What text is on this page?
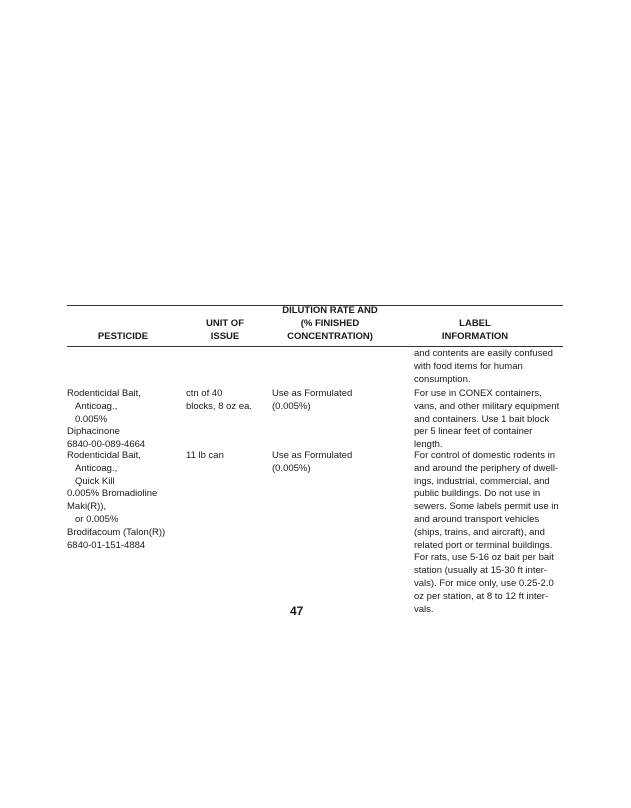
PESTICIDE
UNIT OF
ISSUE
DILUTION RATE AND
(% FINISHED
CONCENTRATION)
LABEL
INFORMATION
and contents are easily confused
with food items for human
consumption.
Rodenticidal Bait,
Anticoag.,
0.005%
Diphacinone
6840-00-089-4664
ctn of 40
blocks, 8 oz ea.
Use as Formulated
(0.005%)
For use in CONEX containers,
vans, and other military equipment
and containers. Use 1 bait block
per 5 linear feet of container
length.
Rodenticidal Bait,
Anticoag.,
Quick Kill
0.005% Bromadioline
Maki(R)),
or 0.005%
Brodifacoum (Talon(R))
6840-01-151-4884
11 lb can	Use as Formulated
(0.005%)
For control of domestic rodents in
and around the periphery of dwell-
ings, industrial, commercial, and
public buildings. Do not use in
sewers. Some labels permit use in
and around transport vehicles
(ships, trains, and aircraft), and
related port or terminal buildings.
For rats, use 5-16 oz bait per bait
station (usually at 15-30 ft inter-
vals). For mice only, use 0.25-2.0
oz per station, at 8 to 12 ft inter-
vals.
47
